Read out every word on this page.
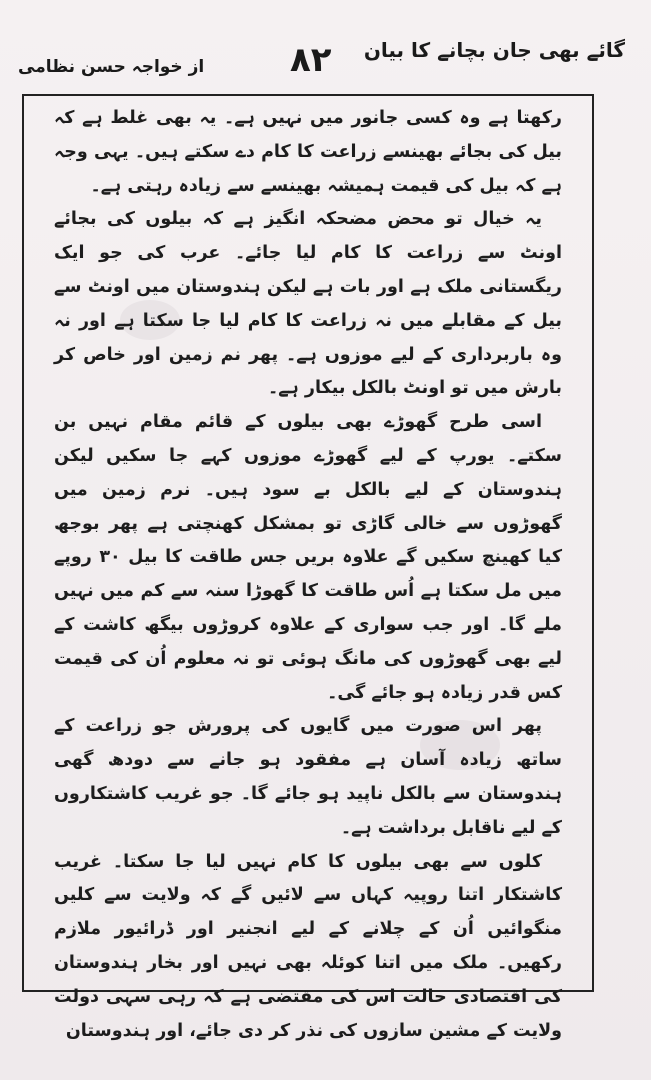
از خواجہ حسن نظامی	۸۲ گائے بھی جان بچانے کا بیان

رکھتا ہے وہ کسی جانور میں نہیں ہے۔ یہ بھی غلط ہے کہ بیل کی بجائے بھینسے زراعت کا کام دے سکتے ہیں۔ یہی وجہ ہے کہ بیل کی قیمت ہمیشہ بھینسے سے زیادہ رہتی ہے۔

یہ خیال تو محض مضحکہ انگیز ہے کہ بیلوں کی بجائے اونٹ سے زراعت کا کام لیا جائے۔ عرب کی جو ایک ریگستانی ملک ہے اور بات ہے لیکن ہندوستان میں اونٹ سے بیل کے مقابلے میں نہ زراعت کا کام لیا جا سکتا ہے اور نہ وہ باربرداری کے لیے موزوں ہے۔ پھر نم زمین اور خاص کر بارش میں تو اونٹ بالکل بیکار ہے۔

اسی طرح گھوڑے بھی بیلوں کے قائم مقام نہیں بن سکتے۔ یورپ کے لیے گھوڑے موزوں کہے جا سکیں لیکن ہندوستان کے لیے بالکل بے سود ہیں۔ نرم زمین میں گھوڑوں سے خالی گاڑی تو بمشکل کھنچتی ہے پھر بوجھ کیا کھینچ سکیں گے علاوہ بریں جس طاقت کا بیل ۳۰ روپے میں مل سکتا ہے اُس طاقت کا گھوڑا سنہ سے کم میں نہیں ملے گا۔ اور جب سواری کے علاوہ کروڑوں بیگھ کاشت کے لیے بھی گھوڑوں کی مانگ ہوئی تو نہ معلوم اُن کی قیمت کس قدر زیادہ ہو جائے گی۔

پھر اس صورت میں گایوں کی پرورش جو زراعت کے ساتھ زیادہ آسان ہے مفقود ہو جانے سے دودھ گھی ہندوستان سے بالکل ناپید ہو جائے گا۔ جو غریب کاشتکاروں کے لیے ناقابل برداشت ہے۔

کلوں سے بھی بیلوں کا کام نہیں لیا جا سکتا۔ غریب کاشتکار اتنا روپیہ کہاں سے لائیں گے کہ ولایت سے کلیں منگوائیں اُن کے چلانے کے لیے انجنیر اور ڈرائیور ملازم رکھیں۔ ملک میں اتنا کوئلہ بھی نہیں اور بخار ہندوستان کی اقتصادی حالت اس کی مقتضی ہے کہ رہی سہی دولت ولایت کے مشین سازوں کی نذر کر دی جائے، اور ہندوستان
